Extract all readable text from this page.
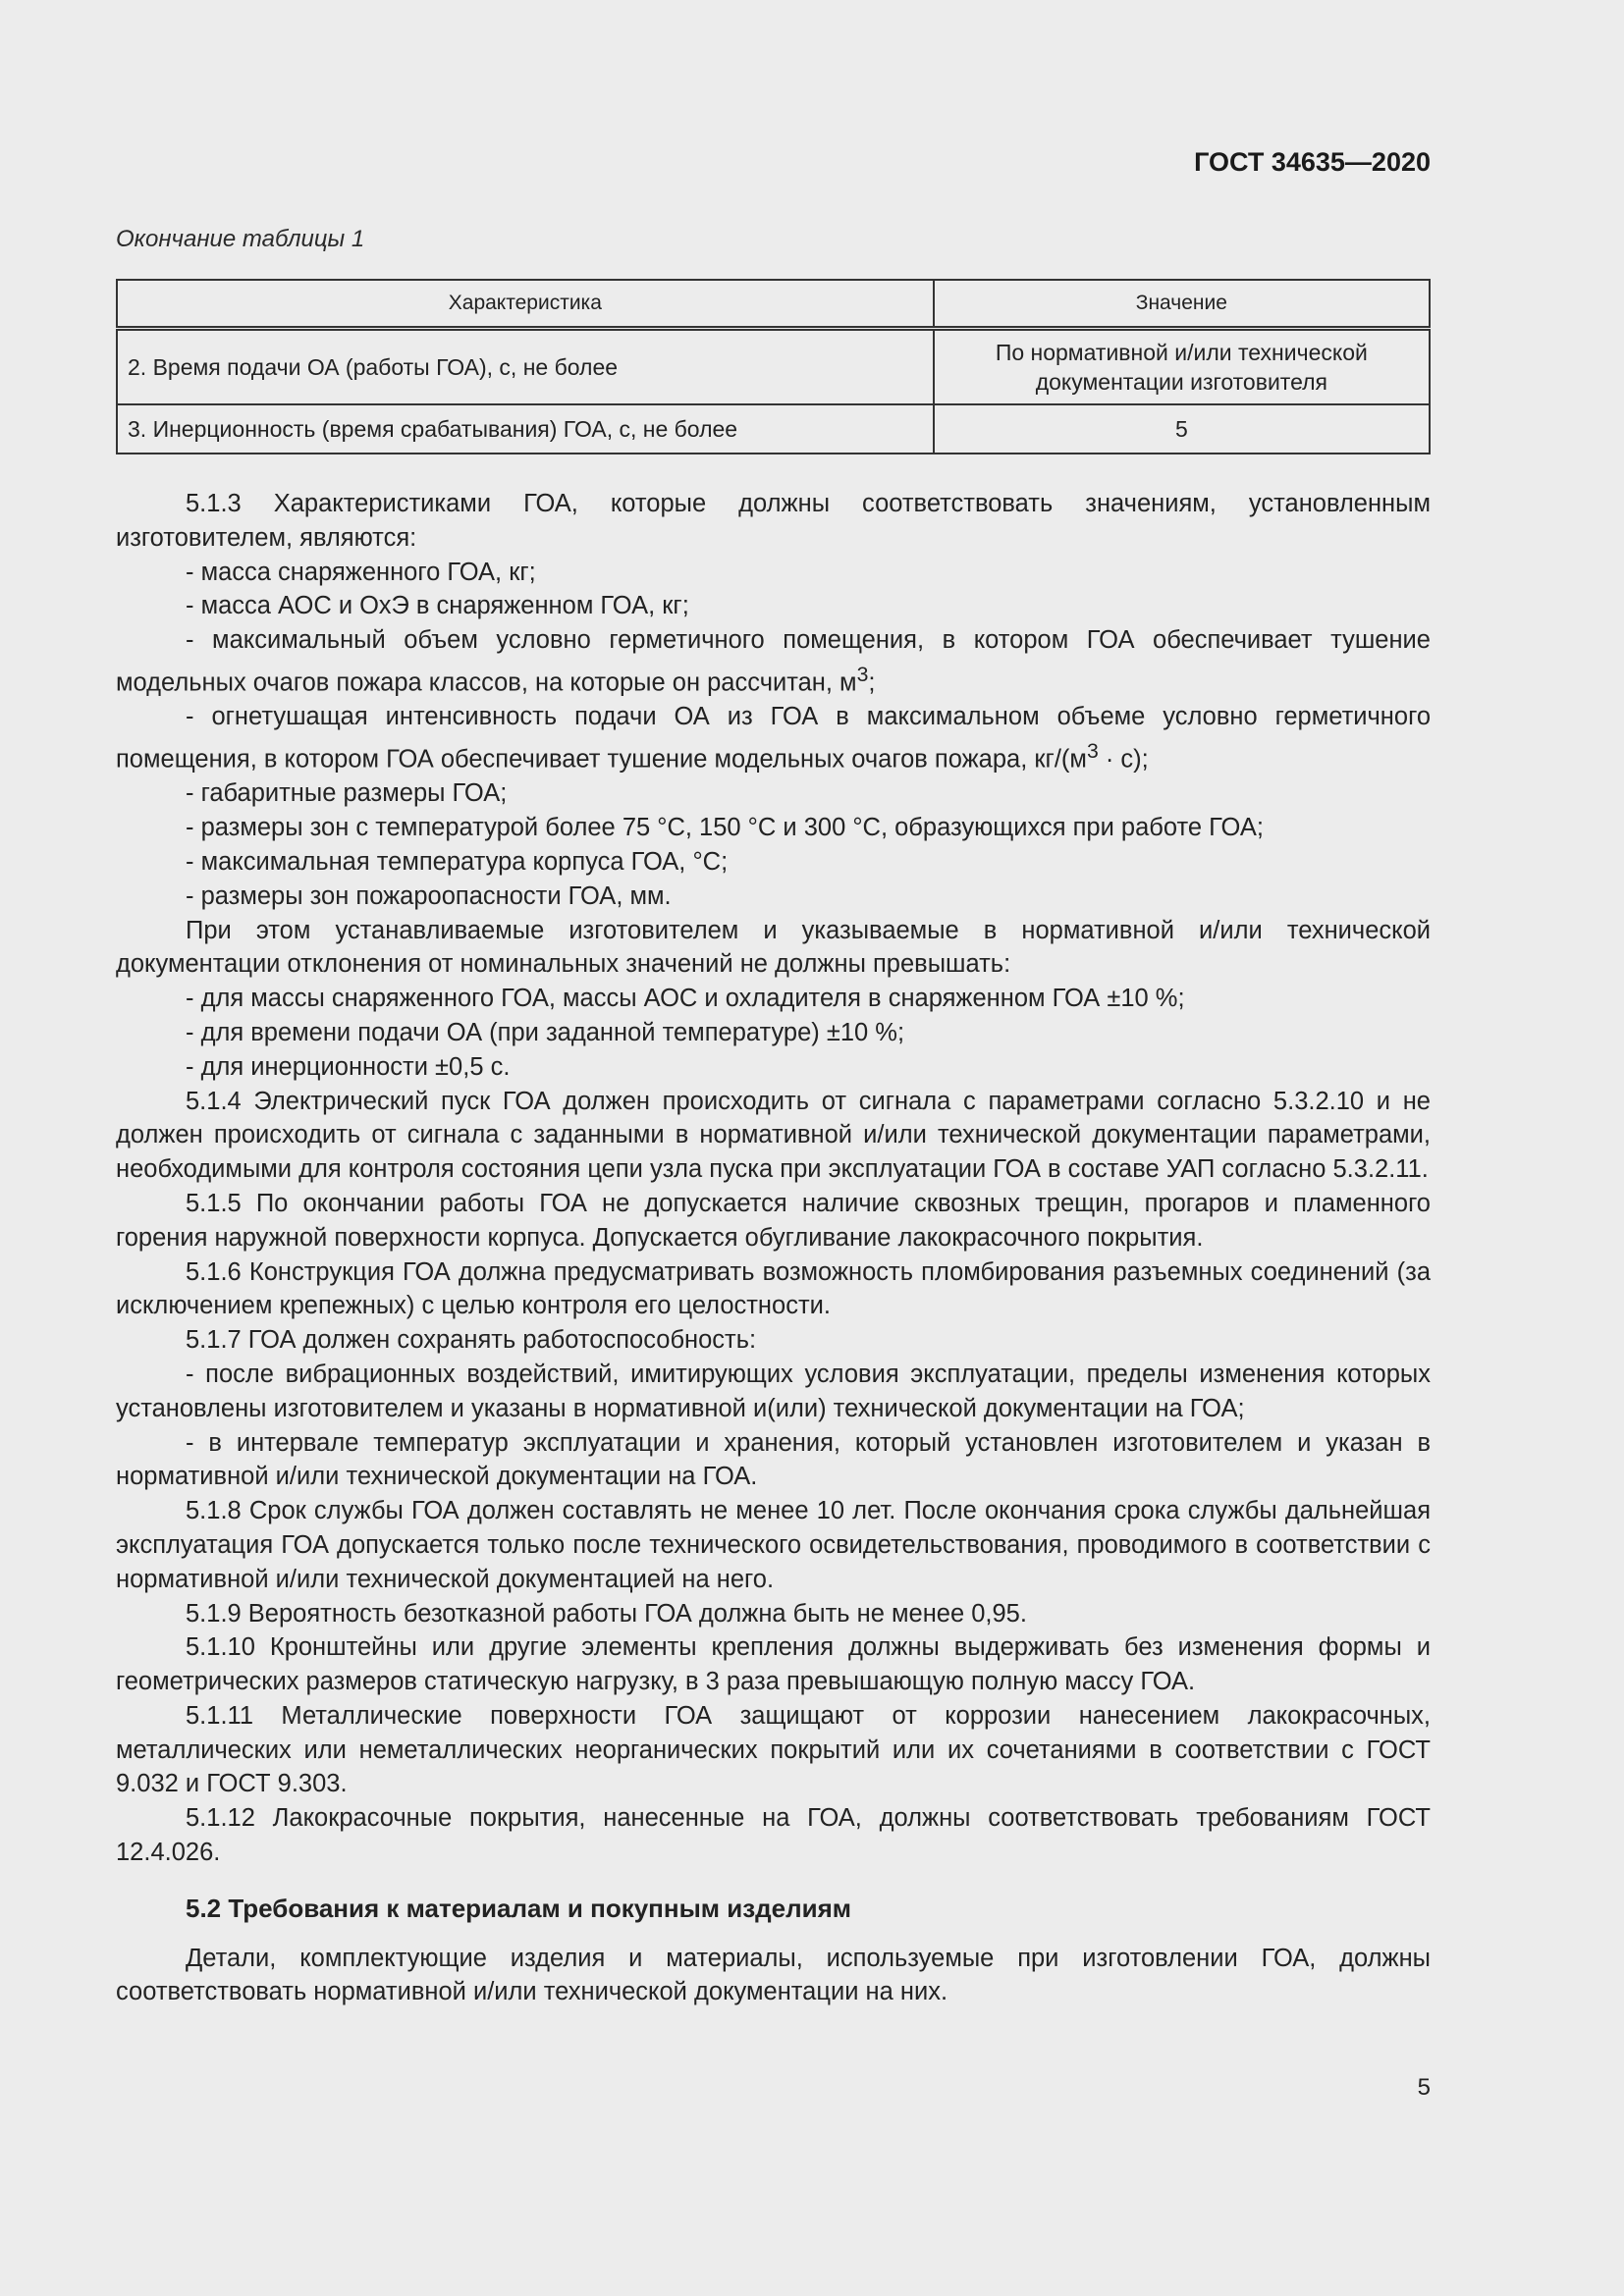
ГОСТ 34635—2020
Окончание таблицы 1
Характеристика	Значение
2. Время подачи ОА (работы ГОА), с, не более	По нормативной и/или технической документации изготовителя
3. Инерционность (время срабатывания) ГОА, с, не более	5

5.1.3 Характеристиками ГОА, которые должны соответствовать значениям, установленным изготовителем, являются:

- масса снаряженного ГОА, кг;

- масса АОС и ОхЭ в снаряженном ГОА, кг;

- максимальный объем условно герметичного помещения, в котором ГОА обеспечивает тушение модельных очагов пожара классов, на которые он рассчитан, $м^3$;

- огнетушащая интенсивность подачи ОА из ГОА в максимальном объеме условно герметичного помещения, в котором ГОА обеспечивает тушение модельных очагов пожара, $кг/(м^3 \cdot с)$;

- габаритные размеры ГОА;

- размеры зон с температурой более 75 °С, 150 °С и 300 °С, образующихся при работе ГОА;

- максимальная температура корпуса ГОА, °С;

- размеры зон пожароопасности ГОА, мм.

При этом устанавливаемые изготовителем и указываемые в нормативной и/или технической документации отклонения от номинальных значений не должны превышать:

- для массы снаряженного ГОА, массы АОС и охладителя в снаряженном ГОА ±10 %;

- для времени подачи ОА (при заданной температуре) ±10 %;

- для инерционности ±0,5 с.

5.1.4 Электрический пуск ГОА должен происходить от сигнала с параметрами согласно 5.3.2.10 и не должен происходить от сигнала с заданными в нормативной и/или технической документации параметрами, необходимыми для контроля состояния цепи узла пуска при эксплуатации ГОА в составе УАП согласно 5.3.2.11.

5.1.5 По окончании работы ГОА не допускается наличие сквозных трещин, прогаров и пламенного горения наружной поверхности корпуса. Допускается обугливание лакокрасочного покрытия.

5.1.6 Конструкция ГОА должна предусматривать возможность пломбирования разъемных соединений (за исключением крепежных) с целью контроля его целостности.

5.1.7 ГОА должен сохранять работоспособность:

- после вибрационных воздействий, имитирующих условия эксплуатации, пределы изменения которых установлены изготовителем и указаны в нормативной и(или) технической документации на ГОА;

- в интервале температур эксплуатации и хранения, который установлен изготовителем и указан в нормативной и/или технической документации на ГОА.

5.1.8 Срок службы ГОА должен составлять не менее 10 лет. После окончания срока службы дальнейшая эксплуатация ГОА допускается только после технического освидетельствования, проводимого в соответствии с нормативной и/или технической документацией на него.

5.1.9 Вероятность безотказной работы ГОА должна быть не менее 0,95.

5.1.10 Кронштейны или другие элементы крепления должны выдерживать без изменения формы и геометрических размеров статическую нагрузку, в 3 раза превышающую полную массу ГОА.

5.1.11 Металлические поверхности ГОА защищают от коррозии нанесением лакокрасочных, металлических или неметаллических неорганических покрытий или их сочетаниями в соответствии с ГОСТ 9.032 и ГОСТ 9.303.

5.1.12 Лакокрасочные покрытия, нанесенные на ГОА, должны соответствовать требованиям ГОСТ 12.4.026.

5.2 Требования к материалам и покупным изделиям

Детали, комплектующие изделия и материалы, используемые при изготовлении ГОА, должны соответствовать нормативной и/или технической документации на них.

5
